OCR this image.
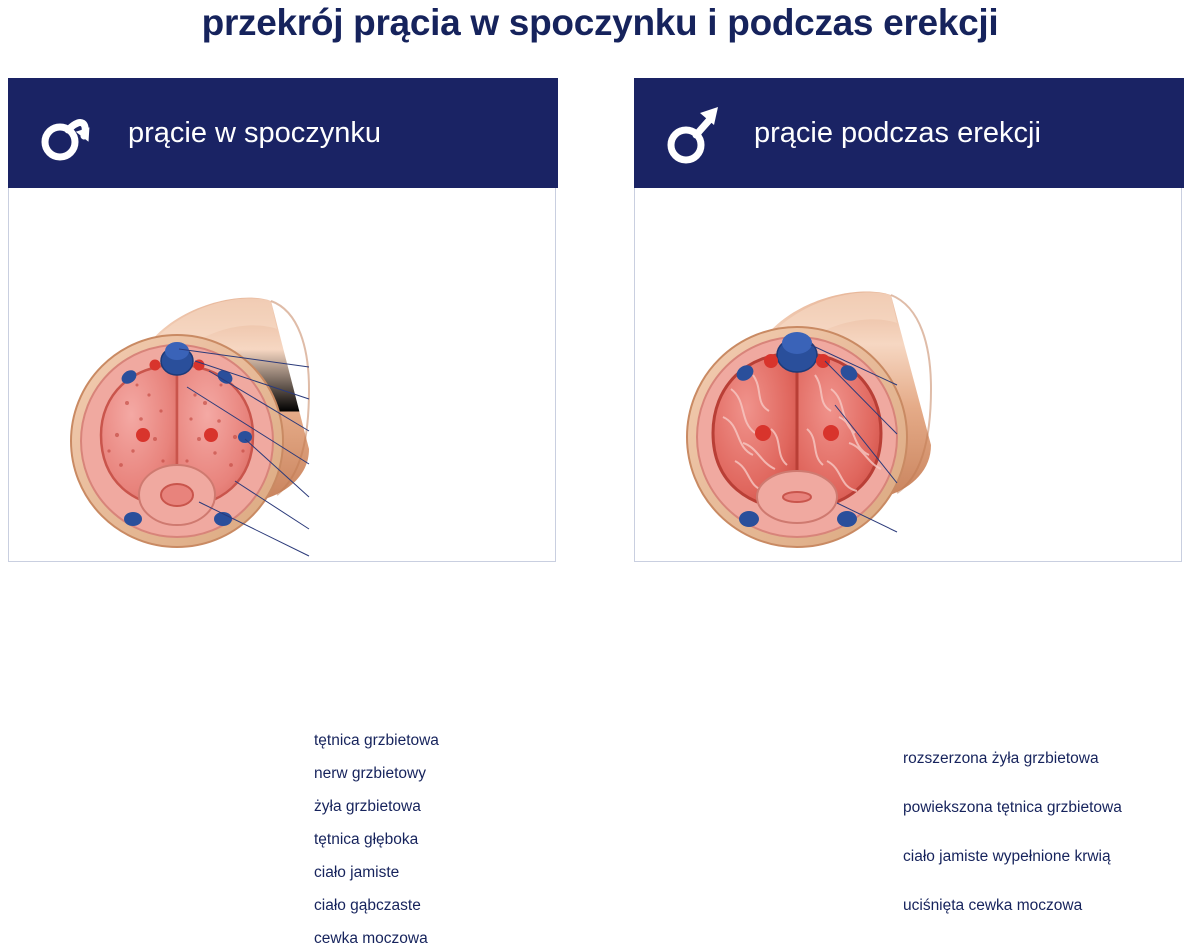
przekrój prącia w spoczynku i podczas erekcji
prącie w spoczynku
tętnica grzbietowa
nerw grzbietowy
żyła grzbietowa
tętnica głęboka
ciało jamiste
ciało gąbczaste
cewka moczowa
prącie podczas erekcji
rozszerzona żyła grzbietowa
powiekszona tętnica grzbietowa
ciało jamiste wypełnione krwią
uciśnięta cewka moczowa
